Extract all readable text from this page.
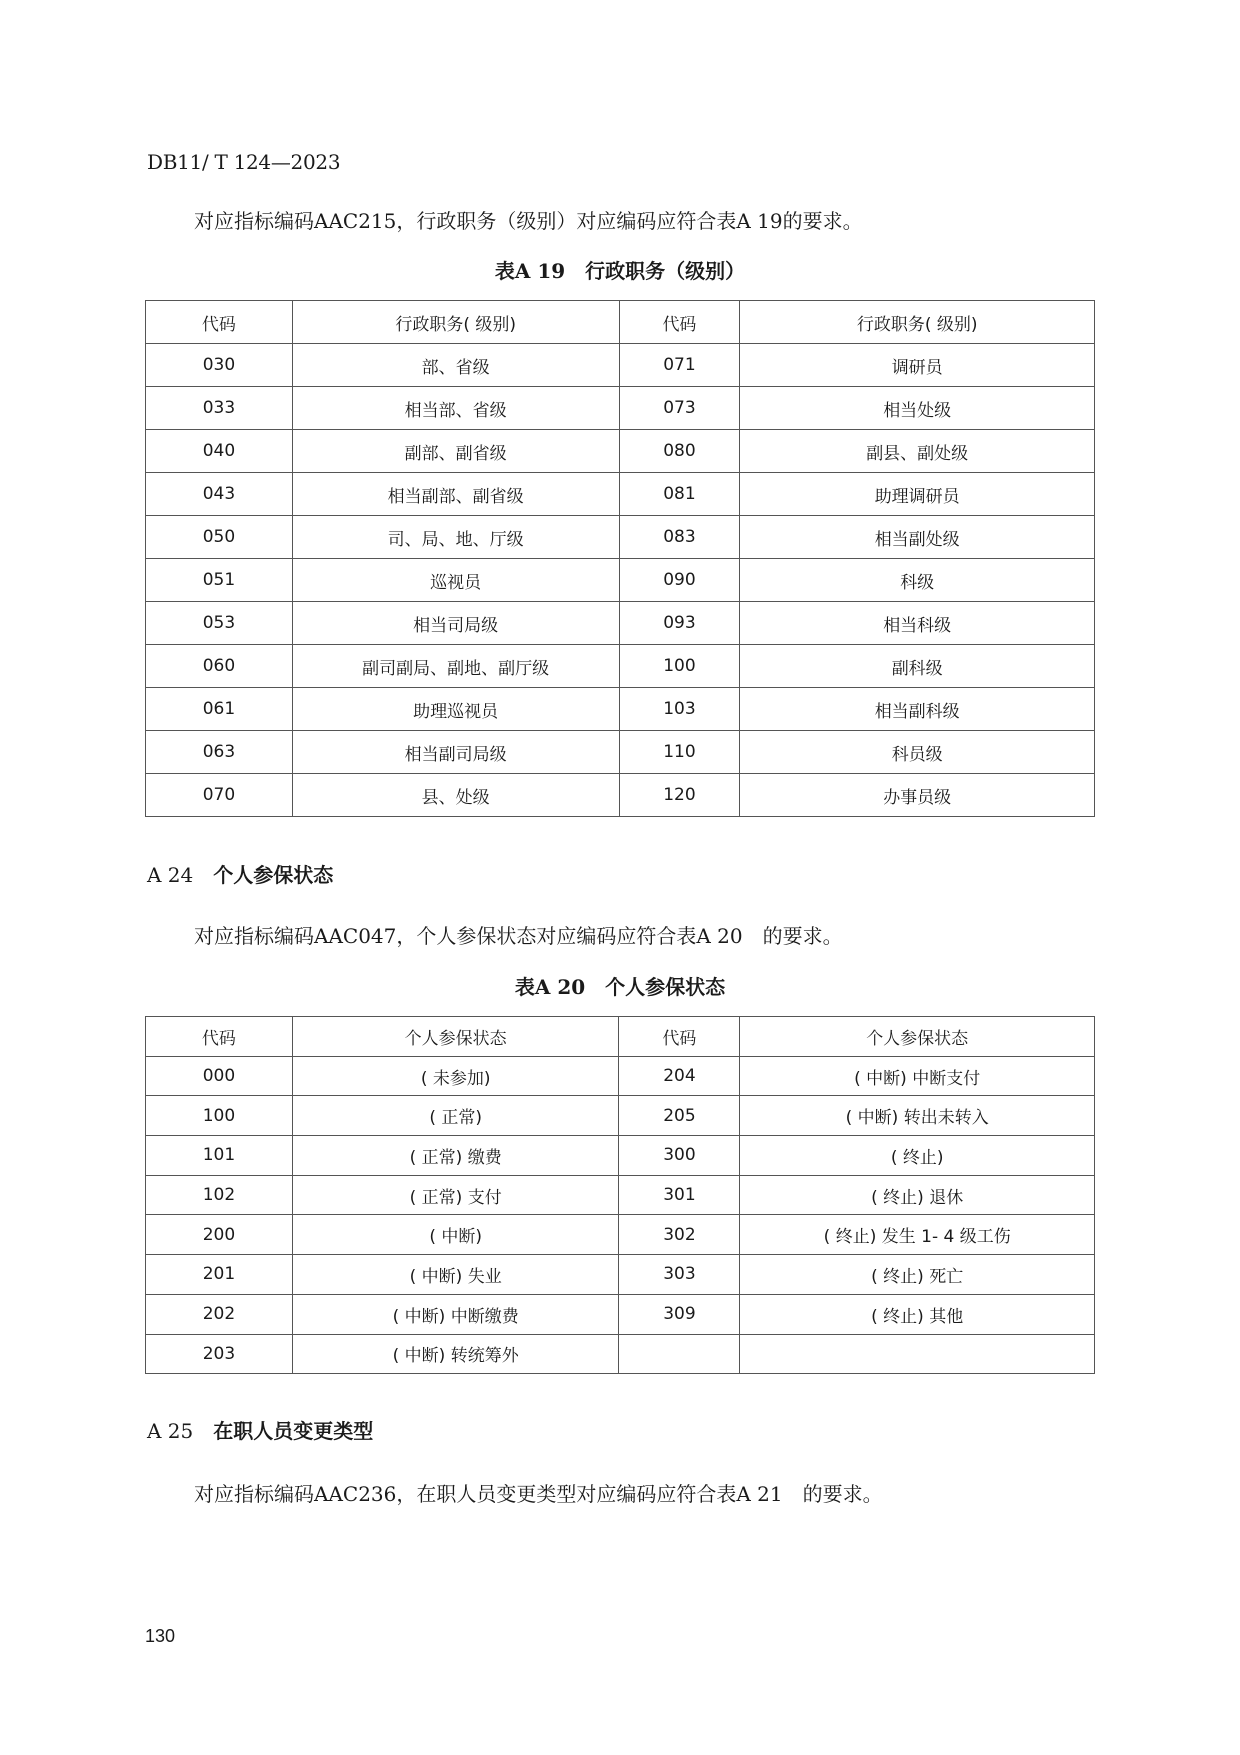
DB11/ T 124—2023
对应指标编码AAC215，行政职务（级别）对应编码应符合表A 19的要求。
表A 19　行政职务（级别）
代码	行政职务( 级别)	代码	行政职务( 级别)
030	部、省级	071	调研员
033	相当部、省级	073	相当处级
040	副部、副省级	080	副县、副处级
043	相当副部、副省级	081	助理调研员
050	司、局、地、厅级	083	相当副处级
051	巡视员	090	科级
053	相当司局级	093	相当科级
060	副司副局、副地、副厅级	100	副科级
061	助理巡视员	103	相当副科级
063	相当副司局级	110	科员级
070	县、处级	120	办事员级
A 24 个人参保状态
对应指标编码AAC047，个人参保状态对应编码应符合表A 20　的要求。
表A 20　个人参保状态
代码	个人参保状态	代码	个人参保状态
000	( 未参加)	204	( 中断) 中断支付
100	( 正常)	205	( 中断) 转出未转入
101	( 正常) 缴费	300	( 终止)
102	( 正常) 支付	301	( 终止) 退休
200	( 中断)	302	( 终止) 发生 1- 4 级工伤
201	( 中断) 失业	303	( 终止) 死亡
202	( 中断) 中断缴费	309	( 终止) 其他
203	( 中断) 转统筹外		
A 25 在职人员变更类型
对应指标编码AAC236，在职人员变更类型对应编码应符合表A 21　的要求。
130
